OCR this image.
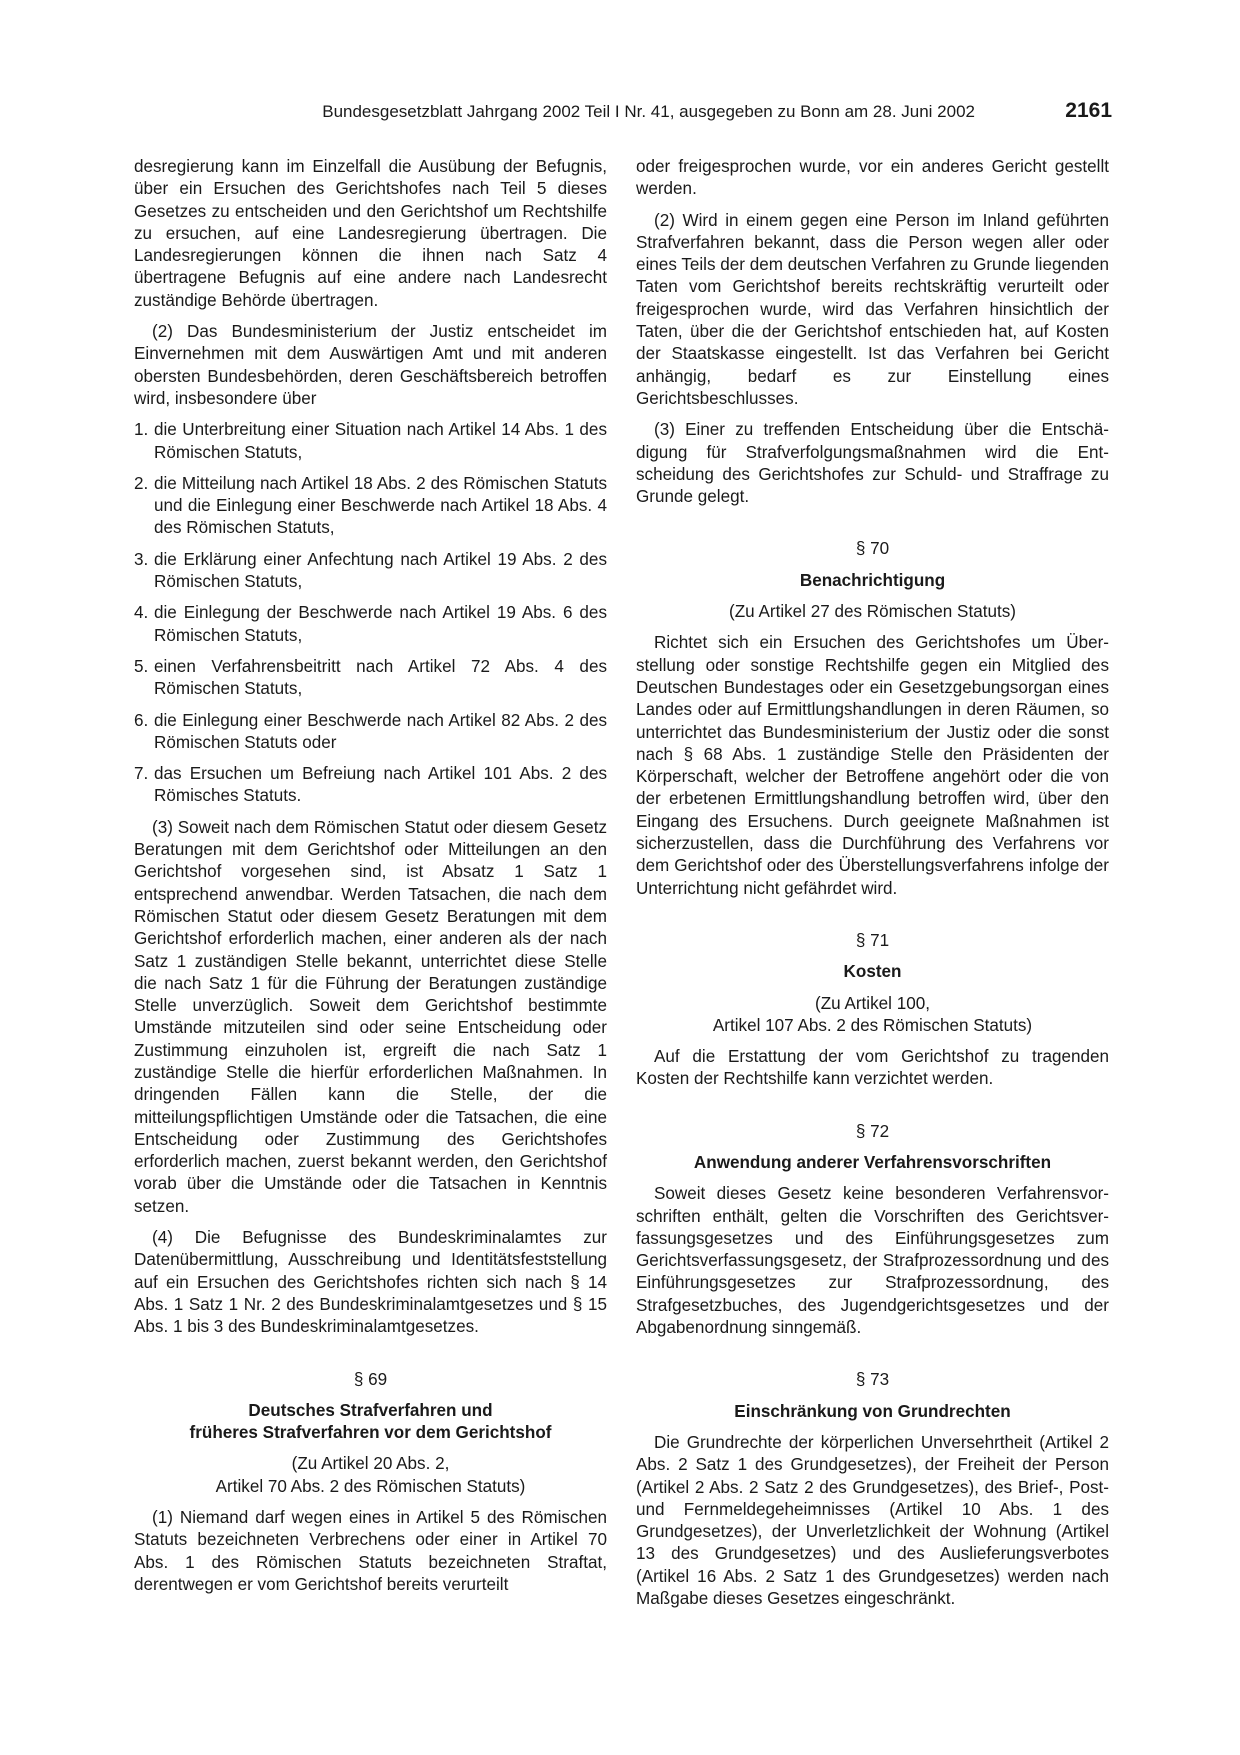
Bundesgesetzblatt Jahrgang 2002 Teil I Nr. 41, ausgegeben zu Bonn am 28. Juni 2002	2161

desregierung kann im Einzelfall die Ausübung der Befugnis, über ein Ersuchen des Gerichtshofes nach Teil 5 dieses Gesetzes zu entscheiden und den Gerichtshof um Rechtshilfe zu ersuchen, auf eine Landesregierung übertragen. Die Landesregierungen können die ihnen nach Satz 4 übertragene Befugnis auf eine andere nach Landesrecht zuständige Behörde übertragen.

(2) Das Bundesministerium der Justiz entscheidet im Einvernehmen mit dem Auswärtigen Amt und mit anderen obersten Bundesbehörden, deren Geschäftsbereich betroffen wird, insbesondere über

1. die Unterbreitung einer Situation nach Artikel 14 Abs. 1 des Römischen Statuts,
2. die Mitteilung nach Artikel 18 Abs. 2 des Römischen Statuts und die Einlegung einer Beschwerde nach Artikel 18 Abs. 4 des Römischen Statuts,
3. die Erklärung einer Anfechtung nach Artikel 19 Abs. 2 des Römischen Statuts,
4. die Einlegung der Beschwerde nach Artikel 19 Abs. 6 des Römischen Statuts,
5. einen Verfahrensbeitritt nach Artikel 72 Abs. 4 des Römischen Statuts,
6. die Einlegung einer Beschwerde nach Artikel 82 Abs. 2 des Römischen Statuts oder
7. das Ersuchen um Befreiung nach Artikel 101 Abs. 2 des Römisches Statuts.

(3) Soweit nach dem Römischen Statut oder diesem Gesetz Beratungen mit dem Gerichtshof oder Mitteilungen an den Gerichtshof vorgesehen sind, ist Absatz 1 Satz 1 entsprechend anwendbar. Werden Tatsachen, die nach dem Römischen Statut oder diesem Gesetz Beratungen mit dem Gerichtshof erforderlich machen, einer anderen als der nach Satz 1 zuständigen Stelle bekannt, unterrichtet diese Stelle die nach Satz 1 für die Führung der Beratungen zuständige Stelle unverzüglich. Soweit dem Gerichtshof bestimmte Umstände mitzuteilen sind oder seine Entscheidung oder Zustimmung einzuholen ist, ergreift die nach Satz 1 zuständige Stelle die hierfür erforderlichen Maßnahmen. In dringenden Fällen kann die Stelle, der die mitteilungspflichtigen Umstände oder die Tatsachen, die eine Entscheidung oder Zustimmung des Gerichtshofes erforderlich machen, zuerst bekannt werden, den Gerichtshof vorab über die Umstände oder die Tatsachen in Kenntnis setzen.

(4) Die Befugnisse des Bundeskriminalamtes zur Datenübermittlung, Ausschreibung und Identitätsfeststellung auf ein Ersuchen des Gerichtshofes richten sich nach § 14 Abs. 1 Satz 1 Nr. 2 des Bundeskriminalamtgesetzes und § 15 Abs. 1 bis 3 des Bundeskriminalamtgesetzes.

§ 69
Deutsches Strafverfahren und
früheres Strafverfahren vor dem Gerichtshof
(Zu Artikel 20 Abs. 2,
Artikel 70 Abs. 2 des Römischen Statuts)

(1) Niemand darf wegen eines in Artikel 5 des Römischen Statuts bezeichneten Verbrechens oder einer in Artikel 70 Abs. 1 des Römischen Statuts bezeichneten Straftat, derentwegen er vom Gerichtshof bereits verurteilt

oder freigesprochen wurde, vor ein anderes Gericht gestellt werden.

(2) Wird in einem gegen eine Person im Inland geführten Strafverfahren bekannt, dass die Person wegen aller oder eines Teils der dem deutschen Verfahren zu Grunde liegenden Taten vom Gerichtshof bereits rechtskräftig verurteilt oder freigesprochen wurde, wird das Verfahren hinsichtlich der Taten, über die der Gerichtshof entschieden hat, auf Kosten der Staatskasse eingestellt. Ist das Verfahren bei Gericht anhängig, bedarf es zur Einstellung eines Gerichtsbeschlusses.

(3) Einer zu treffenden Entscheidung über die Entschädigung für Strafverfolgungsmaßnahmen wird die Entscheidung des Gerichtshofes zur Schuld- und Straffrage zu Grunde gelegt.

§ 70
Benachrichtigung
(Zu Artikel 27 des Römischen Statuts)

Richtet sich ein Ersuchen des Gerichtshofes um Überstellung oder sonstige Rechtshilfe gegen ein Mitglied des Deutschen Bundestages oder ein Gesetzgebungsorgan eines Landes oder auf Ermittlungshandlungen in deren Räumen, so unterrichtet das Bundesministerium der Justiz oder die sonst nach § 68 Abs. 1 zuständige Stelle den Präsidenten der Körperschaft, welcher der Betroffene angehört oder die von der erbetenen Ermittlungshandlung betroffen wird, über den Eingang des Ersuchens. Durch geeignete Maßnahmen ist sicherzustellen, dass die Durchführung des Verfahrens vor dem Gerichtshof oder des Überstellungsverfahrens infolge der Unterrichtung nicht gefährdet wird.

§ 71
Kosten
(Zu Artikel 100,
Artikel 107 Abs. 2 des Römischen Statuts)

Auf die Erstattung der vom Gerichtshof zu tragenden Kosten der Rechtshilfe kann verzichtet werden.

§ 72
Anwendung anderer Verfahrensvorschriften

Soweit dieses Gesetz keine besonderen Verfahrensvorschriften enthält, gelten die Vorschriften des Gerichtsverfassungsgesetzes und des Einführungsgesetzes zum Gerichtsverfassungsgesetz, der Strafprozessordnung und des Einführungsgesetzes zur Strafprozessordnung, des Strafgesetzbuches, des Jugendgerichtsgesetzes und der Abgabenordnung sinngemäß.

§ 73
Einschränkung von Grundrechten

Die Grundrechte der körperlichen Unversehrtheit (Artikel 2 Abs. 2 Satz 1 des Grundgesetzes), der Freiheit der Person (Artikel 2 Abs. 2 Satz 2 des Grundgesetzes), des Brief-, Post- und Fernmeldegeheimnisses (Artikel 10 Abs. 1 des Grundgesetzes), der Unverletzlichkeit der Wohnung (Artikel 13 des Grundgesetzes) und des Auslieferungsverbotes (Artikel 16 Abs. 2 Satz 1 des Grundgesetzes) werden nach Maßgabe dieses Gesetzes eingeschränkt.
